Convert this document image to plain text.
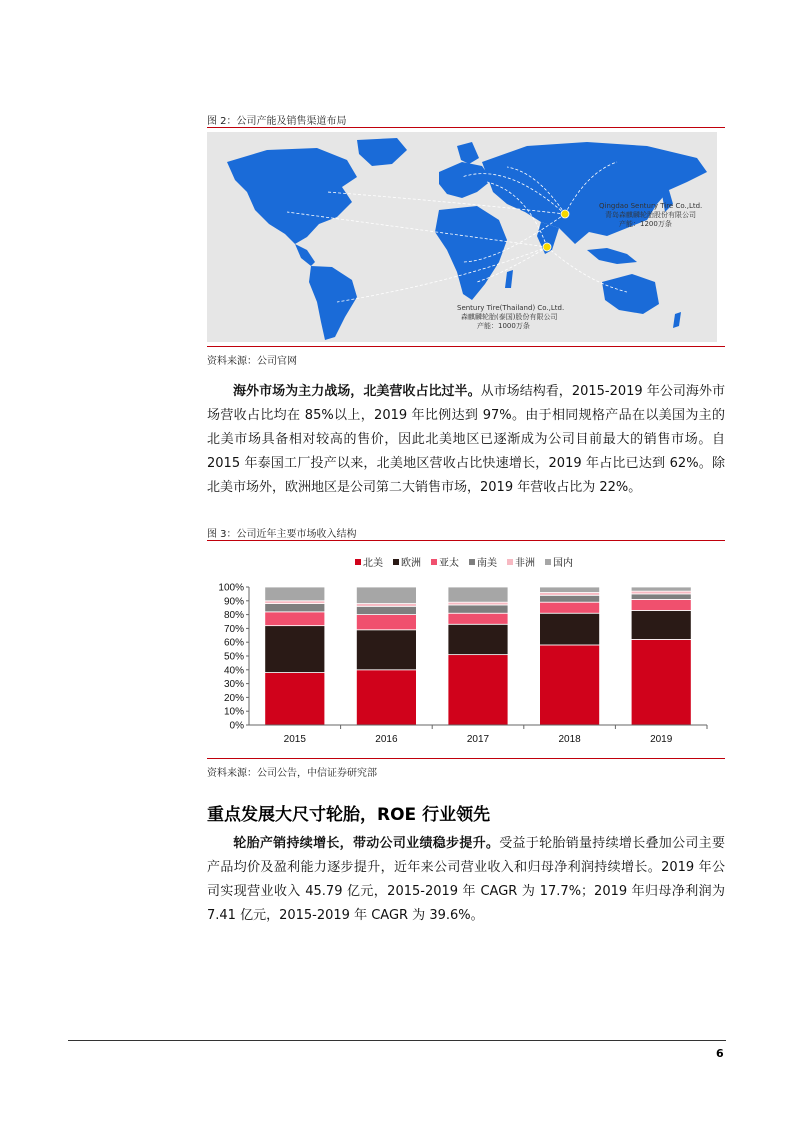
图 2：公司产能及销售渠道布局
Qingdao Sentury Tire Co.,Ltd.
青岛森麒麟轮胎股份有限公司
产能：1200万条
Sentury Tire(Thailand) Co.,Ltd.
森麒麟轮胎(泰国)股份有限公司
产能：1000万条
资料来源：公司官网
海外市场为主力战场，北美营收占比过半。从市场结构看，2015-2019 年公司海外市场营收占比均在 85%以上，2019 年比例达到 97%。由于相同规格产品在以美国为主的北美市场具备相对较高的售价，因此北美地区已逐渐成为公司目前最大的销售市场。自 2015 年泰国工厂投产以来，北美地区营收占比快速增长，2019 年占比已达到 62%。除北美市场外，欧洲地区是公司第二大销售市场，2019 年营收占比为 22%。
图 3：公司近年主要市场收入结构
北美 欧洲 亚太 南美 非洲 国内
0%
10%
20%
30%
40%
50%
60%
70%
80%
90%
100%
2015	2016	2017	2018	2019
资料来源：公司公告，中信证券研究部
重点发展大尺寸轮胎，ROE 行业领先
轮胎产销持续增长，带动公司业绩稳步提升。受益于轮胎销量持续增长叠加公司主要产品均价及盈利能力逐步提升，近年来公司营业收入和归母净利润持续增长。2019 年公司实现营业收入 45.79 亿元，2015-2019 年 CAGR 为 17.7%；2019 年归母净利润为 7.41 亿元，2015-2019 年 CAGR 为 39.6%。
6
